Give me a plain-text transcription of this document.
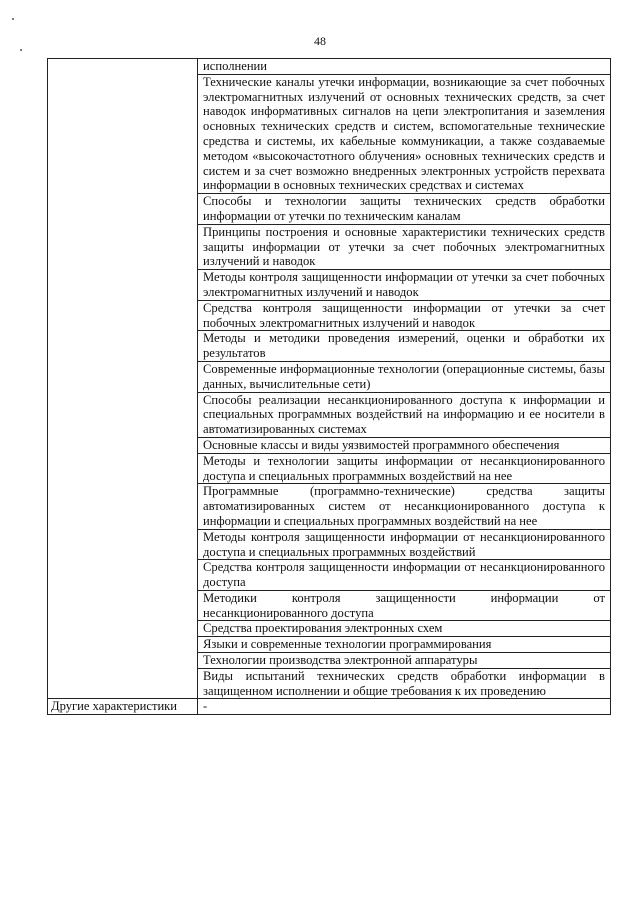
48

	исполнении

	Технические каналы утечки информации, возникающие за счет побочных электромагнитных излучений от основных технических средств, за счет наводок информативных сигналов на цепи электропитания и заземления основных технических средств и систем, вспомогательные технические средства и системы, их кабельные коммуникации, а также создаваемые методом «высокочастотного облучения» основных технических средств и систем и за счет возможно внедренных электронных устройств перехвата информации в основных технических средствах и системах

	Способы и технологии защиты технических средств обработки информации от утечки по техническим каналам

	Принципы построения и основные характеристики технических средств защиты информации от утечки за счет побочных электромагнитных излучений и наводок

	Методы контроля защищенности информации от утечки за счет побочных электромагнитных излучений и наводок

	Средства контроля защищенности информации от утечки за счет побочных электромагнитных излучений и наводок

	Методы и методики проведения измерений, оценки и обработки их результатов

	Современные информационные технологии (операционные системы, базы данных, вычислительные сети)

	Способы реализации несанкционированного доступа к информации и специальных программных воздействий на информацию и ее носители в автоматизированных системах

	Основные классы и виды уязвимостей программного обеспечения

	Методы и технологии защиты информации от несанкционированного доступа и специальных программных воздействий на нее

	Программные (программно-технические) средства защиты автоматизированных систем от несанкционированного доступа к информации и специальных программных воздействий на нее

	Методы контроля защищенности информации от несанкционированного доступа и специальных программных воздействий

	Средства контроля защищенности информации от несанкционированного доступа

	Методики контроля защищенности информации от несанкционированного доступа

	Средства проектирования электронных схем

	Языки и современные технологии программирования

	Технологии производства электронной аппаратуры

	Виды испытаний технических средств обработки информации в защищенном исполнении и общие требования к их проведению

Другие характеристики	-
